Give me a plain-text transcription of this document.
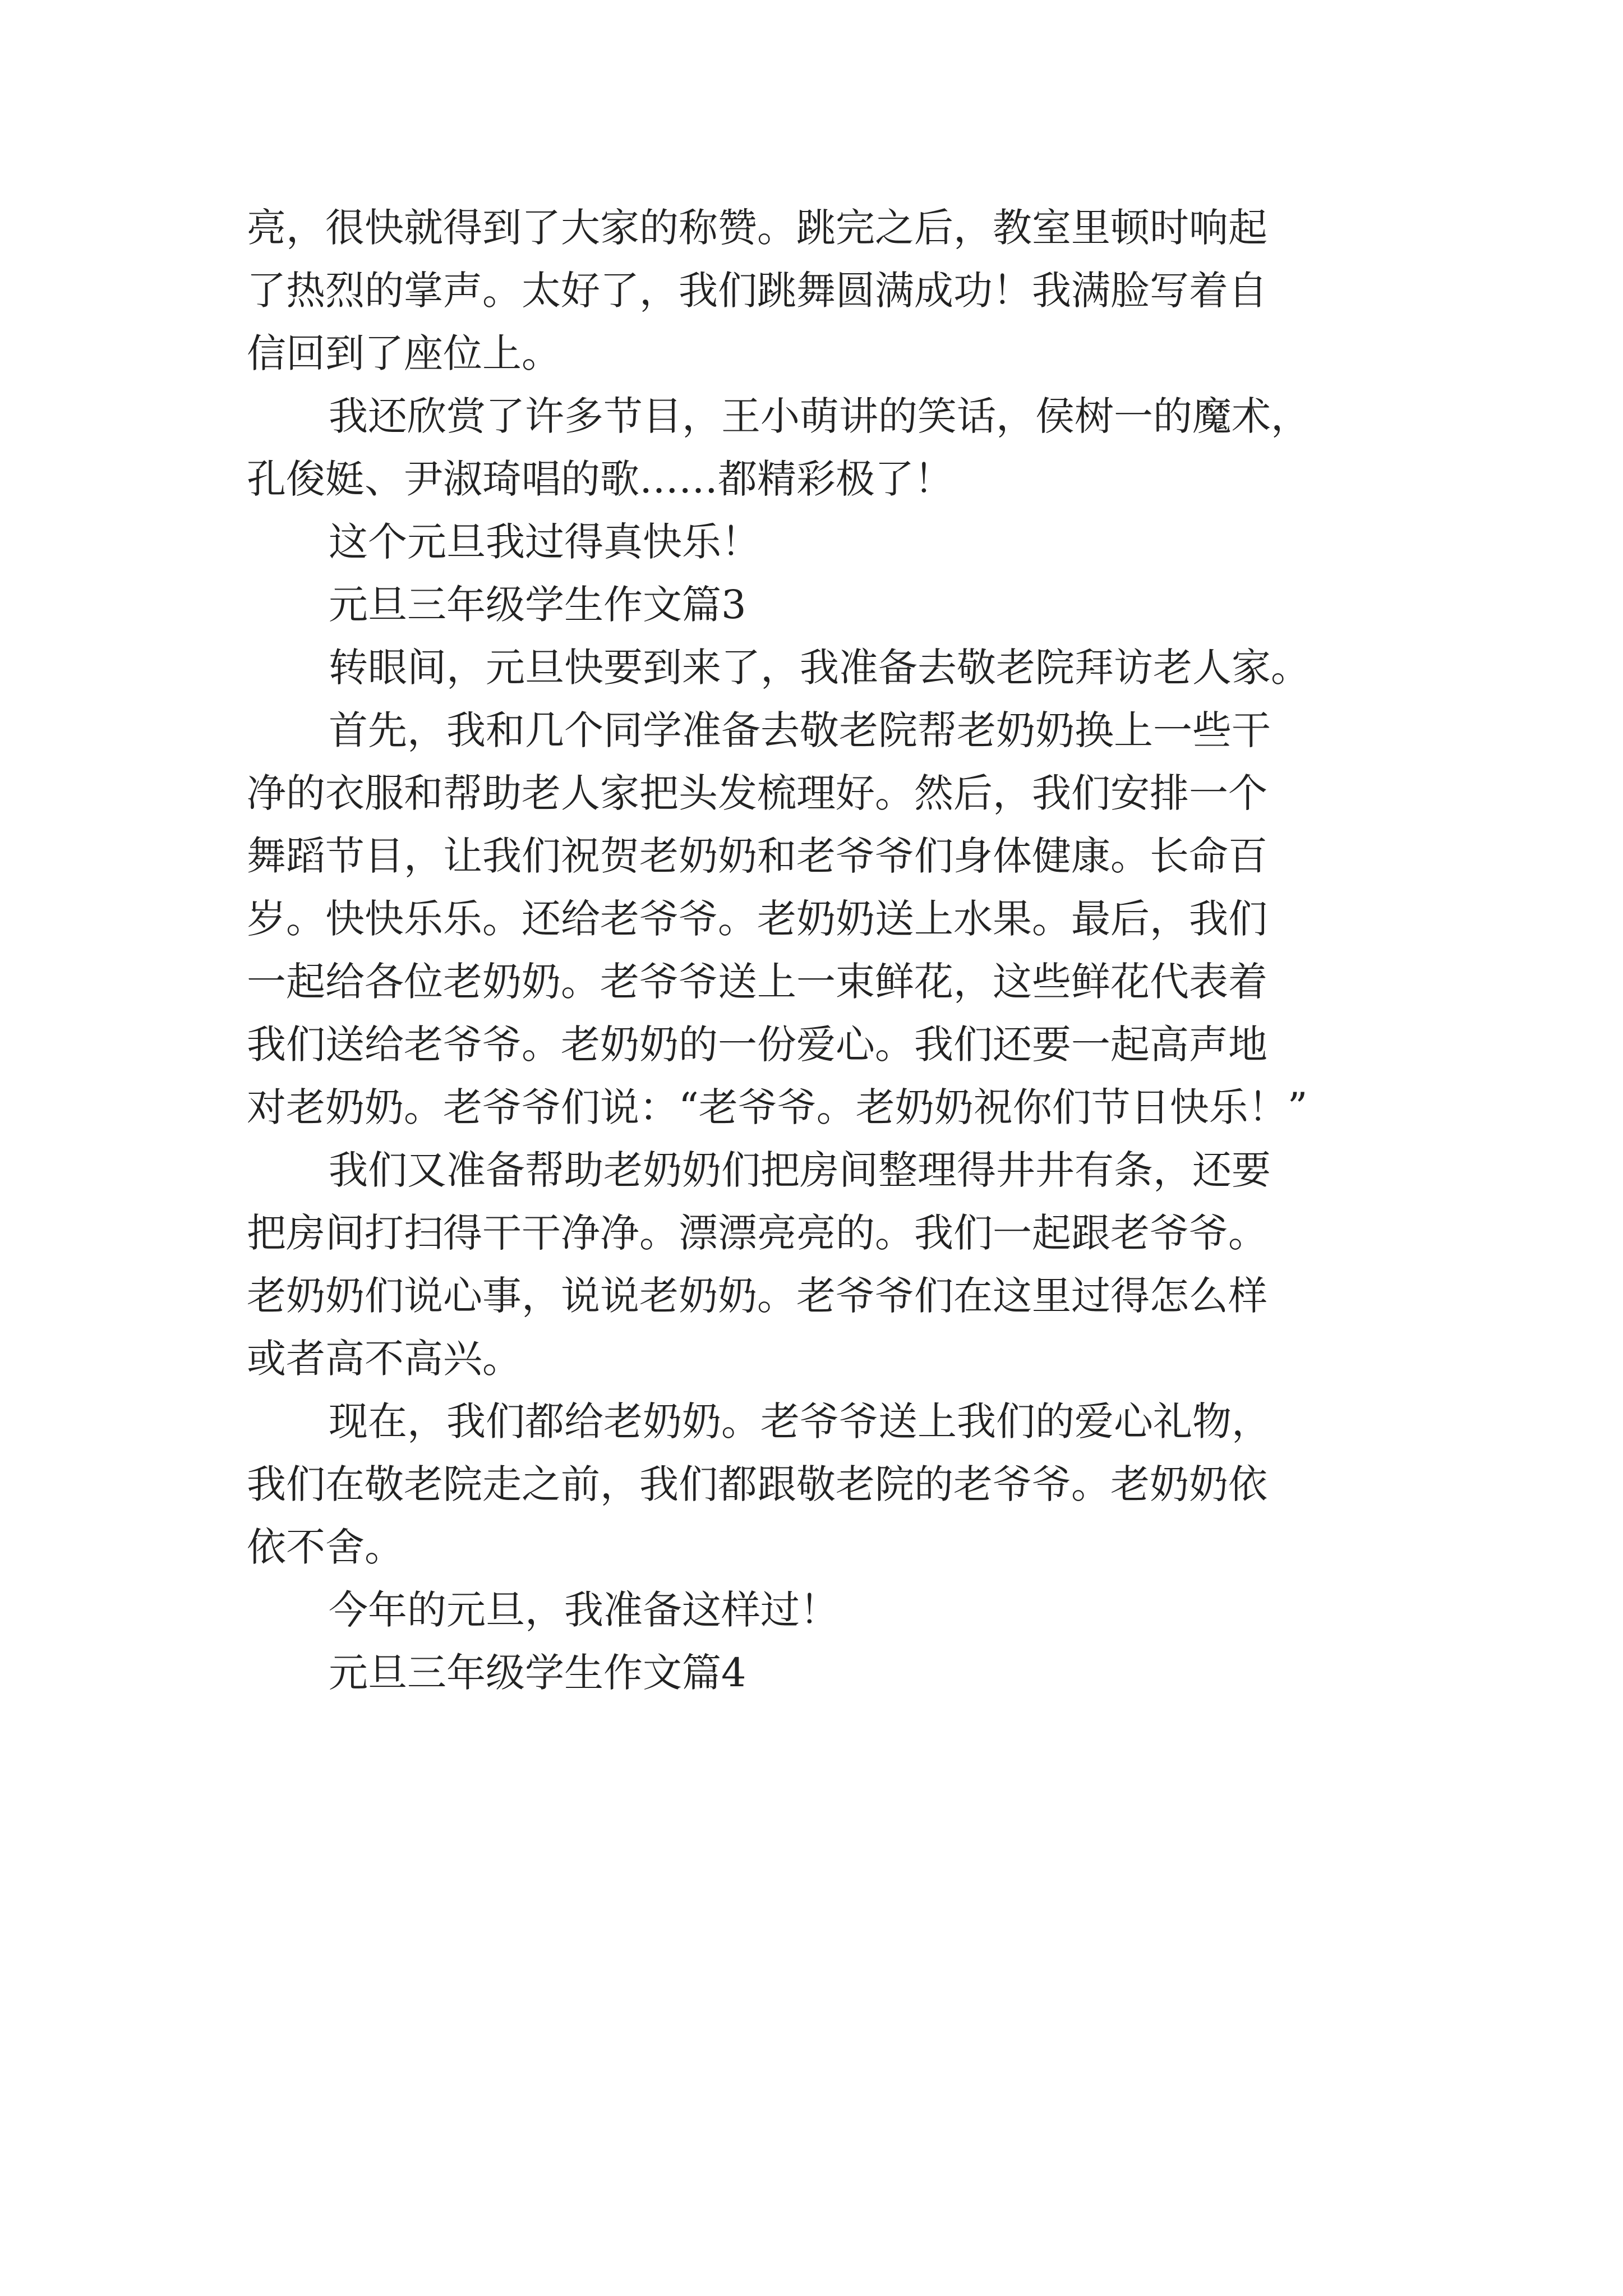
亮，很快就得到了大家的称赞。跳完之后，教室里顿时响起

了热烈的掌声。太好了，我们跳舞圆满成功！我满脸写着自

信回到了座位上。

我还欣赏了许多节目，王小萌讲的笑话，侯树一的魔术，

孔俊娗、尹淑琦唱的歌……都精彩极了！

这个元旦我过得真快乐！

元旦三年级学生作文篇3

转眼间，元旦快要到来了，我准备去敬老院拜访老人家。

首先，我和几个同学准备去敬老院帮老奶奶换上一些干

净的衣服和帮助老人家把头发梳理好。然后，我们安排一个

舞蹈节目，让我们祝贺老奶奶和老爷爷们身体健康。长命百

岁。快快乐乐。还给老爷爷。老奶奶送上水果。最后，我们

一起给各位老奶奶。老爷爷送上一束鲜花，这些鲜花代表着

我们送给老爷爷。老奶奶的一份爱心。我们还要一起高声地

对老奶奶。老爷爷们说：“老爷爷。老奶奶祝你们节日快乐！”

我们又准备帮助老奶奶们把房间整理得井井有条，还要

把房间打扫得干干净净。漂漂亮亮的。我们一起跟老爷爷。

老奶奶们说心事，说说老奶奶。老爷爷们在这里过得怎么样

或者高不高兴。

现在，我们都给老奶奶。老爷爷送上我们的爱心礼物，

我们在敬老院走之前，我们都跟敬老院的老爷爷。老奶奶依

依不舍。

今年的元旦，我准备这样过！

元旦三年级学生作文篇4
